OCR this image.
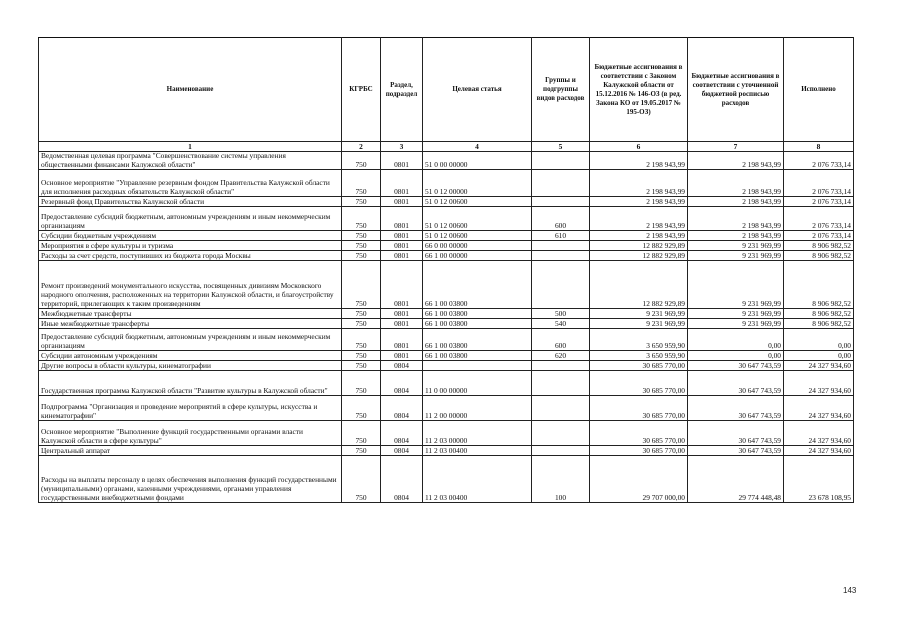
Наименование	КГРБС	Раздел, подраздел	Целевая статья	Группы и подгруппы видов расходов	Бюджетные ассигнования в соответствии с Законом Калужской области от 15.12.2016 № 146-ОЗ (в ред. Закона КО от 19.05.2017 № 195-ОЗ)	Бюджетные ассигнования в соответствии с уточненной бюджетной росписью расходов	Исполнено
1	2	3	4	5	6	7	8
Ведомственная целевая программа "Совершенствование системы управления общественными финансами Калужской области"	750	0801	51 0 00 00000		2 198 943,99	2 198 943,99	2 076 733,14
Основное мероприятие "Управление резервным фондом Правительства Калужской области для исполнения расходных обязательств Калужской области"	750	0801	51 0 12 00000		2 198 943,99	2 198 943,99	2 076 733,14
Резервный фонд Правительства Калужской области	750	0801	51 0 12 00600		2 198 943,99	2 198 943,99	2 076 733,14
Предоставление субсидий бюджетным, автономным учреждениям и иным некоммерческим организациям	750	0801	51 0 12 00600	600	2 198 943,99	2 198 943,99	2 076 733,14
Субсидии бюджетным учреждениям	750	0801	51 0 12 00600	610	2 198 943,99	2 198 943,99	2 076 733,14
Мероприятия в сфере культуры и туризма	750	0801	66 0 00 00000		12 882 929,89	9 231 969,99	8 906 982,52
Расходы за счет средств, поступивших из бюджета города Москвы	750	0801	66 1 00 00000		12 882 929,89	9 231 969,99	8 906 982,52
Ремонт произведений монументального искусства, посвященных дивизиям Московского народного ополчения, расположенных на территории Калужской области, и благоустройству территорий, прилегающих к таким произведениям	750	0801	66 1 00 03800		12 882 929,89	9 231 969,99	8 906 982,52
Межбюджетные трансферты	750	0801	66 1 00 03800	500	9 231 969,99	9 231 969,99	8 906 982,52
Иные межбюджетные трансферты	750	0801	66 1 00 03800	540	9 231 969,99	9 231 969,99	8 906 982,52
Предоставление субсидий бюджетным, автономным учреждениям и иным некоммерческим организациям	750	0801	66 1 00 03800	600	3 650 959,90	0,00	0,00
Субсидии автономным учреждениям	750	0801	66 1 00 03800	620	3 650 959,90	0,00	0,00
Другие вопросы в области культуры, кинематографии	750	0804			30 685 770,00	30 647 743,59	24 327 934,60
Государственная программа Калужской области "Развитие культуры в Калужской области"	750	0804	11 0 00 00000		30 685 770,00	30 647 743,59	24 327 934,60
Подпрограмма "Организация и проведение мероприятий в сфере культуры, искусства и кинематографии"	750	0804	11 2 00 00000		30 685 770,00	30 647 743,59	24 327 934,60
Основное мероприятие "Выполнение функций государственными органами власти Калужской области в сфере культуры"	750	0804	11 2 03 00000		30 685 770,00	30 647 743,59	24 327 934,60
Центральный аппарат	750	0804	11 2 03 00400		30 685 770,00	30 647 743,59	24 327 934,60
Расходы на выплаты персоналу в целях обеспечения выполнения функций государственными (муниципальными) органами, казенными учреждениями, органами управления государственными внебюджетными фондами	750	0804	11 2 03 00400	100	29 707 000,00	29 774 448,48	23 678 108,95
143
